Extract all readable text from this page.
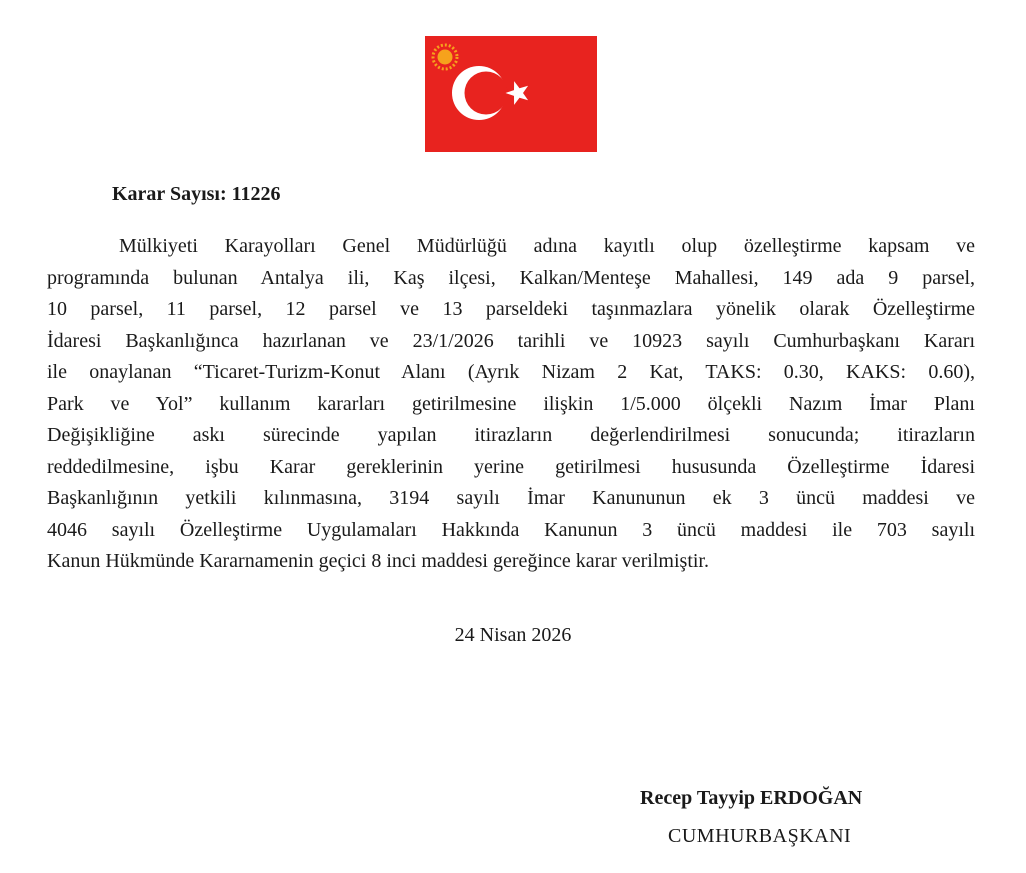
Karar Sayısı: 11226
Mülkiyeti Karayolları Genel Müdürlüğü adına kayıtlı olup özelleştirme kapsam ve
programında bulunan Antalya ili, Kaş ilçesi, Kalkan/Menteşe Mahallesi, 149 ada 9 parsel,
10 parsel, 11 parsel, 12 parsel ve 13 parseldeki taşınmazlara yönelik olarak Özelleştirme
İdaresi Başkanlığınca hazırlanan ve 23/1/2026 tarihli ve 10923 sayılı Cumhurbaşkanı Kararı
ile onaylanan “Ticaret-Turizm-Konut Alanı (Ayrık Nizam 2 Kat, TAKS: 0.30, KAKS: 0.60),
Park ve Yol” kullanım kararları getirilmesine ilişkin 1/5.000 ölçekli Nazım İmar Planı
Değişikliğine askı sürecinde yapılan itirazların değerlendirilmesi sonucunda; itirazların
reddedilmesine, işbu Karar gereklerinin yerine getirilmesi hususunda Özelleştirme İdaresi
Başkanlığının yetkili kılınmasına, 3194 sayılı İmar Kanununun ek 3 üncü maddesi ve
4046 sayılı Özelleştirme Uygulamaları Hakkında Kanunun 3 üncü maddesi ile 703 sayılı
Kanun Hükmünde Kararnamenin geçici 8 inci maddesi gereğince karar verilmiştir.
24 Nisan 2026
Recep Tayyip ERDOĞAN
CUMHURBAŞKANI
